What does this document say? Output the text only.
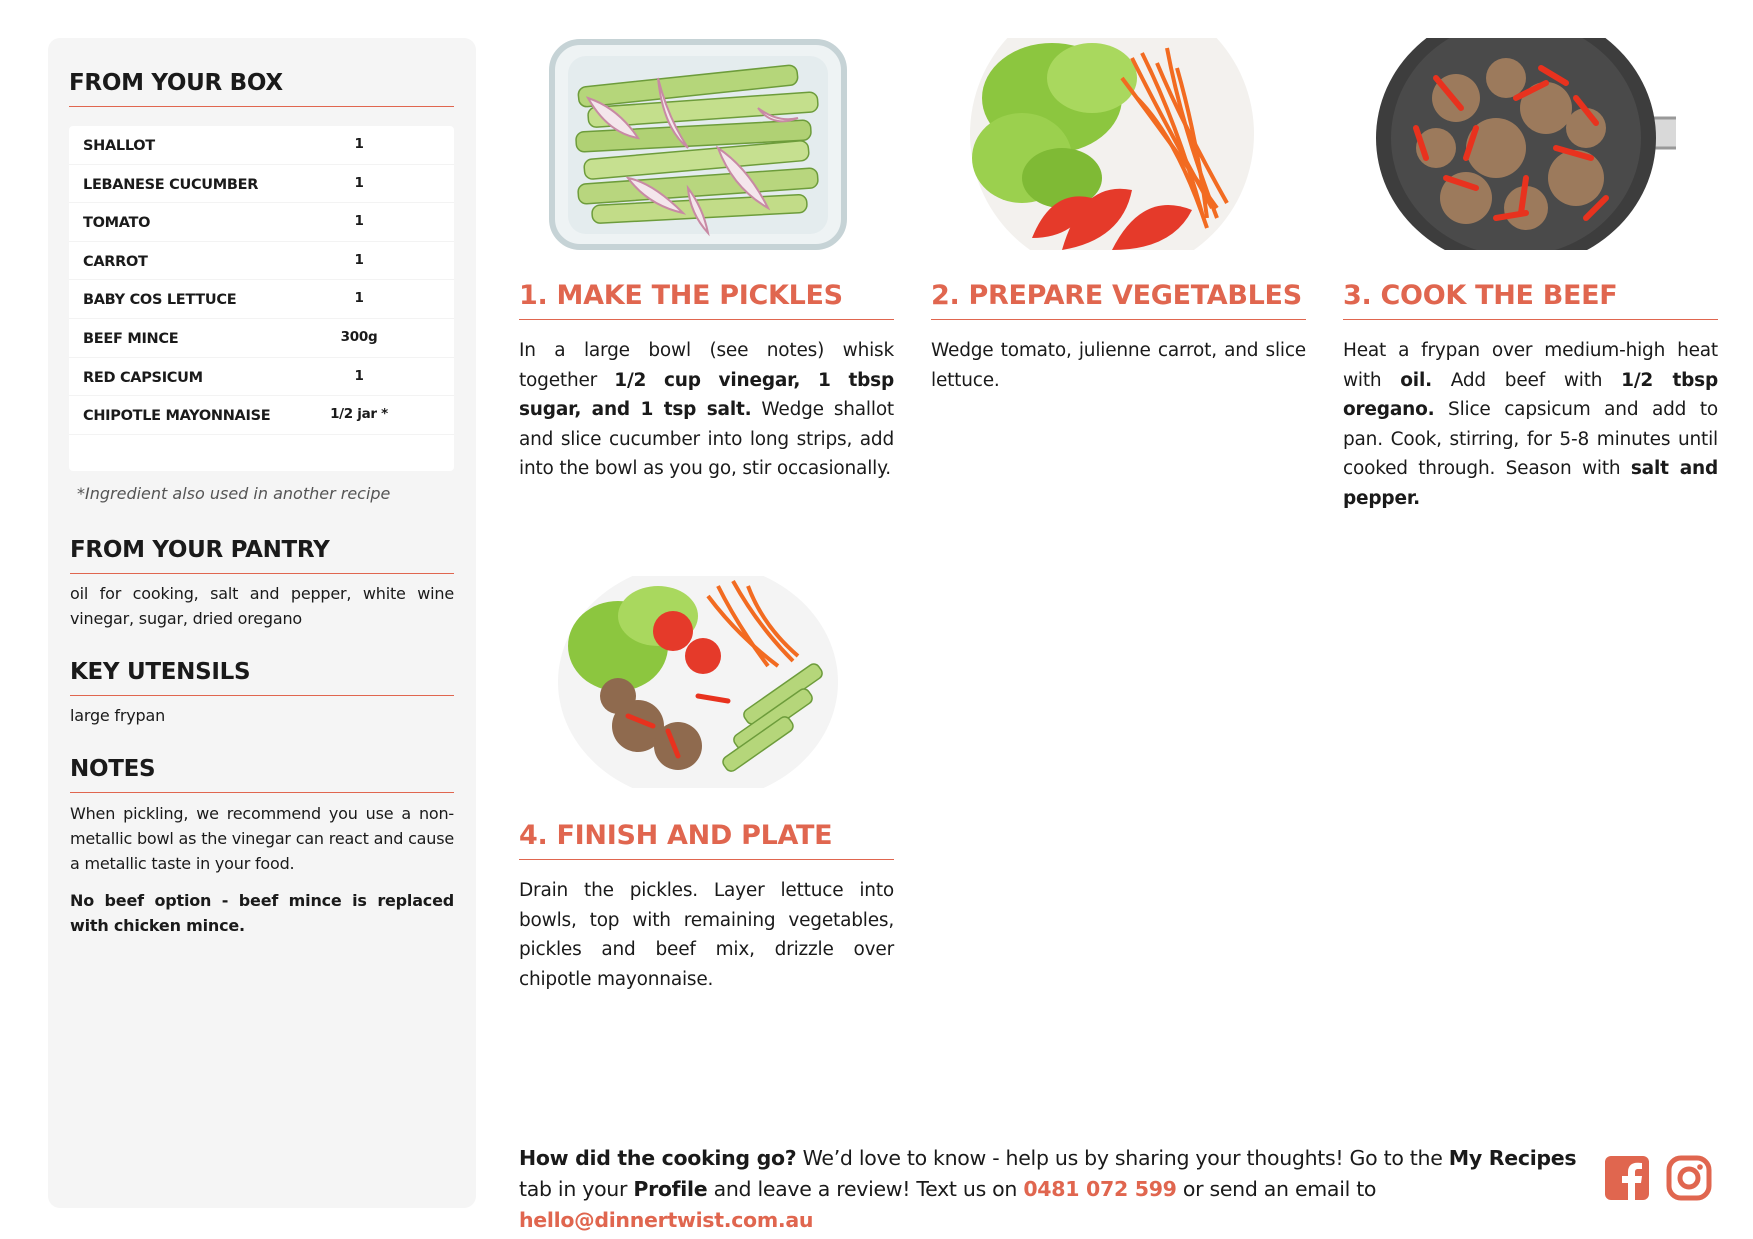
FROM YOUR BOX
SHALLOT	1
LEBANESE CUCUMBER	1
TOMATO	1
CARROT	1
BABY COS LETTUCE	1
BEEF MINCE	300g
RED CAPSICUM	1
CHIPOTLE MAYONNAISE	1/2 jar *
*Ingredient also used in another recipe
FROM YOUR PANTRY
oil for cooking, salt and pepper, white wine vinegar, sugar, dried oregano
KEY UTENSILS
large frypan
NOTES
When pickling, we recommend you use a non-metallic bowl as the vinegar can react and cause a metallic taste in your food.
No beef option - beef mince is replaced with chicken mince.
1. MAKE THE PICKLES
In a large bowl (see notes) whisk together 1/2 cup vinegar, 1 tbsp sugar, and 1 tsp salt. Wedge shallot and slice cucumber into long strips, add into the bowl as you go, stir occasionally.
2. PREPARE VEGETABLES
Wedge tomato, julienne carrot, and slice lettuce.
3. COOK THE BEEF
Heat a frypan over medium-high heat with oil. Add beef with 1/2 tbsp oregano. Slice capsicum and add to pan. Cook, stirring, for 5-8 minutes until cooked through. Season with salt and pepper.
4. FINISH AND PLATE
Drain the pickles. Layer lettuce into bowls, top with remaining vegetables, pickles and beef mix, drizzle over chipotle mayonnaise.
How did the cooking go? We’d love to know - help us by sharing your thoughts! Go to the My Recipes tab in your Profile and leave a review! Text us on 0481 072 599 or send an email to hello@dinnertwist.com.au
